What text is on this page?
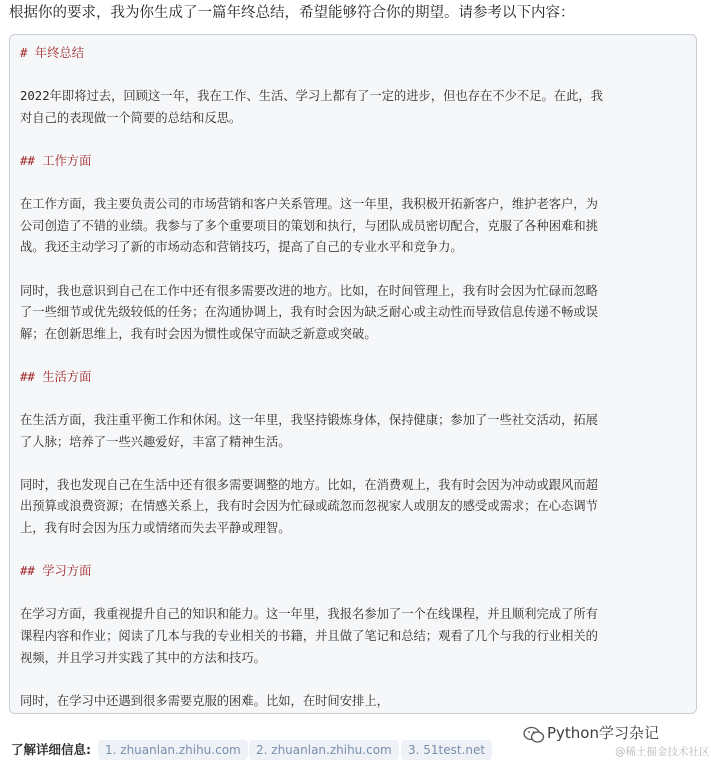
根据你的要求，我为你生成了一篇年终总结，希望能够符合你的期望。请参考以下内容：
# 年终总结
2022年即将过去，回顾这一年，我在工作、生活、学习上都有了一定的进步，但也存在不少不足。在此，我
对自己的表现做一个简要的总结和反思。
## 工作方面
在工作方面，我主要负责公司的市场营销和客户关系管理。这一年里，我积极开拓新客户，维护老客户，为
公司创造了不错的业绩。我参与了多个重要项目的策划和执行，与团队成员密切配合，克服了各种困难和挑
战。我还主动学习了新的市场动态和营销技巧，提高了自己的专业水平和竞争力。
同时，我也意识到自己在工作中还有很多需要改进的地方。比如，在时间管理上，我有时会因为忙碌而忽略
了一些细节或优先级较低的任务；在沟通协调上，我有时会因为缺乏耐心或主动性而导致信息传递不畅或误
解；在创新思维上，我有时会因为惯性或保守而缺乏新意或突破。
## 生活方面
在生活方面，我注重平衡工作和休闲。这一年里，我坚持锻炼身体，保持健康；参加了一些社交活动，拓展
了人脉；培养了一些兴趣爱好，丰富了精神生活。
同时，我也发现自己在生活中还有很多需要调整的地方。比如，在消费观上，我有时会因为冲动或跟风而超
出预算或浪费资源；在情感关系上，我有时会因为忙碌或疏忽而忽视家人或朋友的感受或需求；在心态调节
上，我有时会因为压力或情绪而失去平静或理智。
## 学习方面
在学习方面，我重视提升自己的知识和能力。这一年里，我报名参加了一个在线课程，并且顺利完成了所有
课程内容和作业；阅读了几本与我的专业相关的书籍，并且做了笔记和总结；观看了几个与我的行业相关的
视频，并且学习并实践了其中的方法和技巧。
同时，在学习中还遇到很多需要克服的困难。比如，在时间安排上，
了解详细信息:	1. zhuanlan.zhihu.com	2. zhuanlan.zhihu.com	3. 51test.net
Python学习杂记
@稀土掘金技术社区
